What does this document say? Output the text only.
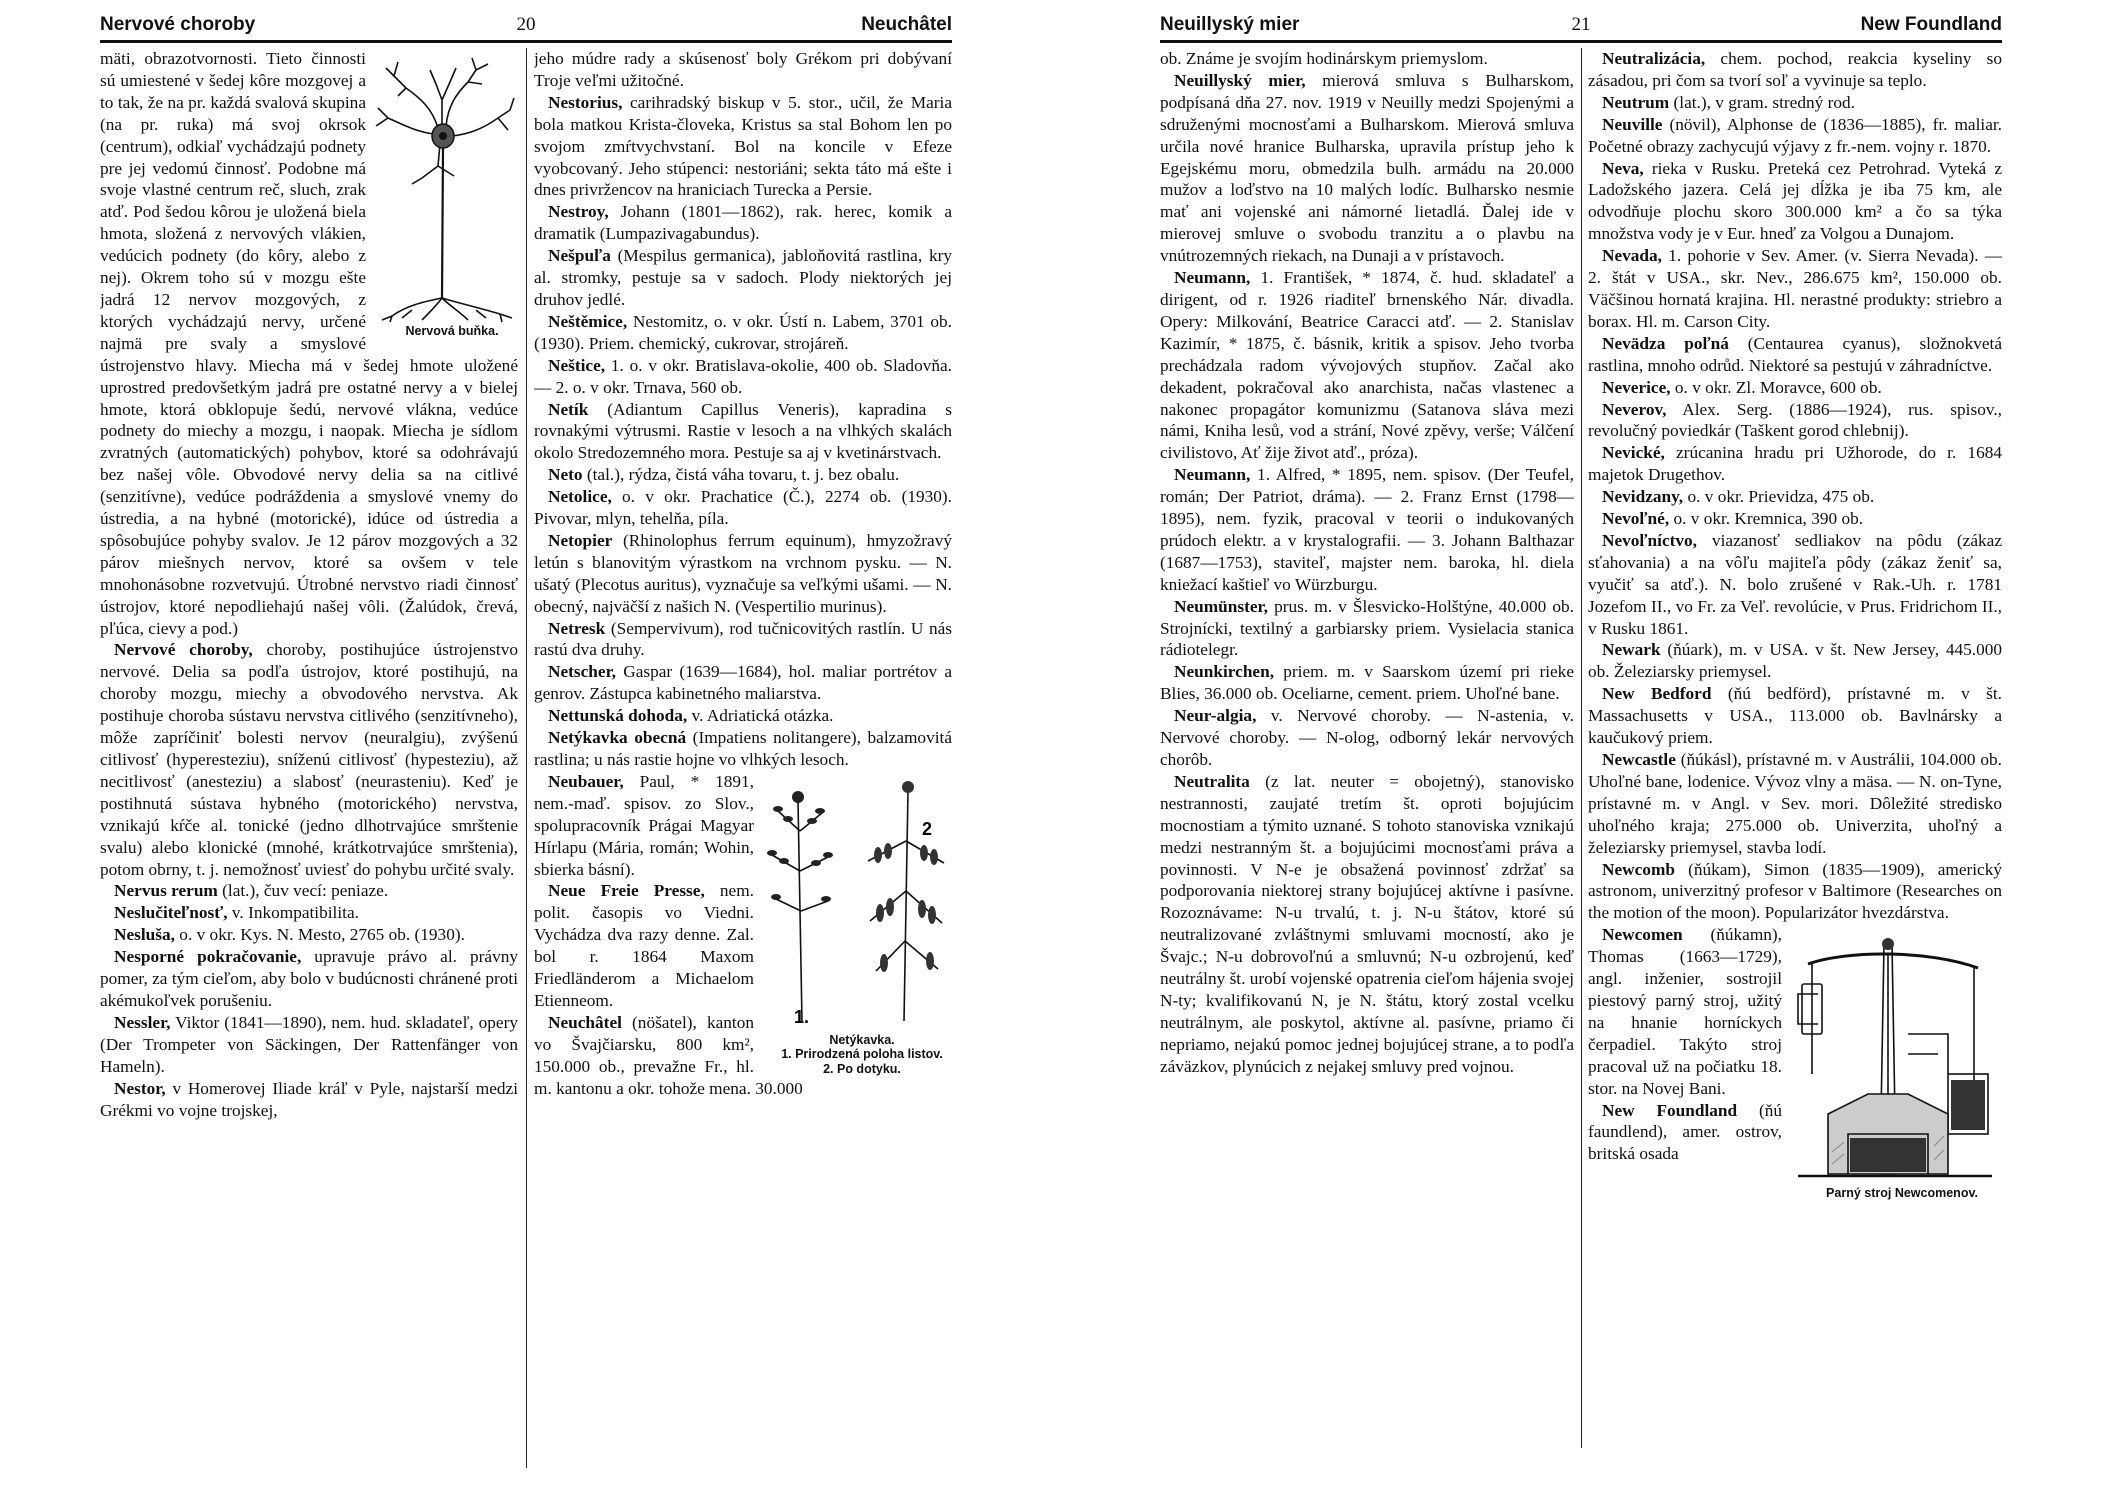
Nervové choroby	20	Neuchâtel

Nervová buňka.

mäti, obrazotvornosti. Tieto činnosti sú umiestené v šedej kôre mozgovej a to tak, že na pr. každá svalová skupina (na pr. ruka) má svoj okrsok (centrum), odkiaľ vychádzajú podnety pre jej vedomú činnosť. Podobne má svoje vlastné centrum reč, sluch, zrak atď. Pod šedou kôrou je uložená biela hmota, složená z nervových vlákien, vedúcich podnety (do kôry, alebo z nej). Okrem toho sú v mozgu ešte jadrá 12 nervov mozgových, z ktorých vychádzajú nervy, určené najmä pre svaly a smyslové ústrojenstvo hlavy. Miecha má v šedej hmote uložené uprostred predovšetkým jadrá pre ostatné nervy a v bielej hmote, ktorá obklopuje šedú, nervové vlákna, vedúce podnety do miechy a mozgu, i naopak. Miecha je sídlom zvratných (automatických) pohybov, ktoré sa odohrávajú bez našej vôle. Obvodové nervy delia sa na citlivé (senzitívne), vedúce podráždenia a smyslové vnemy do ústredia, a na hybné (motorické), idúce od ústredia a spôsobujúce pohyby svalov. Je 12 párov mozgových a 32 párov miešnych nervov, ktoré sa ovšem v tele mnohonásobne rozvetvujú. Útrobné nervstvo riadi činnosť ústrojov, ktoré nepodliehajú našej vôli. (Žalúdok, črevá, pľúca, cievy a pod.)

Nervové choroby, choroby, postihujúce ústrojenstvo nervové. Delia sa podľa ústrojov, ktoré postihujú, na choroby mozgu, miechy a obvodového nervstva. Ak postihuje choroba sústavu nervstva citlivého (senzitívneho), môže zapríčiniť bolesti nervov (neuralgiu), zvýšenú citlivosť (hyperesteziu), sníženú citlivosť (hypesteziu), až necitlivosť (anesteziu) a slabosť (neurasteniu). Keď je postihnutá sústava hybného (motorického) nervstva, vznikajú kŕče al. tonické (jedno dlhotrvajúce smrštenie svalu) alebo klonické (mnohé, krátkotrvajúce smrštenia), potom obrny, t. j. nemožnosť uviesť do pohybu určité svaly.

Nervus rerum (lat.), čuv vecí: peniaze.

Neslučiteľnosť, v. Inkompatibilita.

Nesluša, o. v okr. Kys. N. Mesto, 2765 ob. (1930).

Nesporné pokračovanie, upravuje právo al. právny pomer, za tým cieľom, aby bolo v budúcnosti chránené proti akémukoľvek porušeniu.

Nessler, Viktor (1841—1890), nem. hud. skladateľ, opery (Der Trompeter von Säckingen, Der Rattenfänger von Hameln).

Nestor, v Homerovej Iliade kráľ v Pyle, najstarší medzi Grékmi vo vojne trojskej,

jeho múdre rady a skúsenosť boly Grékom pri dobývaní Troje veľmi užitočné.

Nestorius, carihradský biskup v 5. stor., učil, že Maria bola matkou Krista-človeka, Kristus sa stal Bohom len po svojom zmŕtvychvstaní. Bol na koncile v Efeze vyobcovaný. Jeho stúpenci: nestoriáni; sekta táto má ešte i dnes privržencov na hraniciach Turecka a Persie.

Nestroy, Johann (1801—1862), rak. herec, komik a dramatik (Lumpazivagabundus).

Nešpuľa (Mespilus germanica), jabloňovitá rastlina, kry al. stromky, pestuje sa v sadoch. Plody niektorých jej druhov jedlé.

Neštěmice, Nestomitz, o. v okr. Ústí n. Labem, 3701 ob. (1930). Priem. chemický, cukrovar, strojáreň.

Neštice, 1. o. v okr. Bratislava-okolie, 400 ob. Sladovňa. — 2. o. v okr. Trnava, 560 ob.

Netík (Adiantum Capillus Veneris), kapradina s rovnakými výtrusmi. Rastie v lesoch a na vlhkých skalách okolo Stredozemného mora. Pestuje sa aj v kvetinárstvach.

Neto (tal.), rýdza, čistá váha tovaru, t. j. bez obalu.

Netolice, o. v okr. Prachatice (Č.), 2274 ob. (1930). Pivovar, mlyn, tehelňa, píla.

Netopier (Rhinolophus ferrum equinum), hmyzožravý letún s blanovitým výrastkom na vrchnom pysku. — N. ušatý (Plecotus auritus), vyznačuje sa veľkými ušami. — N. obecný, najväčší z našich N. (Vespertilio murinus).

Netresk (Sempervivum), rod tučnicovitých rastlín. U nás rastú dva druhy.

Netscher, Gaspar (1639—1684), hol. maliar portrétov a genrov. Zástupca kabinetného maliarstva.

Nettunská dohoda, v. Adriatická otázka.

Netýkavka obecná (Impatiens nolitangere), balzamovitá rastlina; u nás rastie hojne vo vlhkých lesoch.

1.
2

Netýkavka.

1. Prirodzená poloha listov.

2. Po dotyku.

Neubauer, Paul, * 1891, nem.-maď. spisov. zo Slov., spolupracovník Prágai Magyar Hírlapu (Mária, román; Wohin, sbierka básní).

Neue Freie Presse, nem. polit. časopis vo Viedni. Vychádza dva razy denne. Zal. bol r. 1864 Maxom Friedländerom a Michaelom Etienneom.

Neuchâtel (nöšatel), kanton vo Švajčiarsku, 800 km², 150.000 ob., prevažne Fr., hl. m. kantonu a okr. tohože mena. 30.000

Neuillyský mier	21	New Foundland

ob. Známe je svojím hodinárskym priemyslom.

Neuillyský mier, mierová smluva s Bulharskom, podpísaná dňa 27. nov. 1919 v Neuilly medzi Spojenými a sdruženými mocnosťami a Bulharskom. Mierová smluva určila nové hranice Bulharska, upravila prístup jeho k Egejskému moru, obmedzila bulh. armádu na 20.000 mužov a loďstvo na 10 malých lodíc. Bulharsko nesmie mať ani vojenské ani námorné lietadlá. Ďalej ide v mierovej smluve o svobodu tranzitu a o plavbu na vnútrozemných riekach, na Dunaji a v prístavoch.

Neumann, 1. František, * 1874, č. hud. skladateľ a dirigent, od r. 1926 riaditeľ brnenského Nár. divadla. Opery: Milkování, Beatrice Caracci atď. — 2. Stanislav Kazimír, * 1875, č. básnik, kritik a spisov. Jeho tvorba prechádzala radom vývojových stupňov. Začal ako dekadent, pokračoval ako anarchista, načas vlastenec a nakonec propagátor komunizmu (Satanova sláva mezi námi, Kniha lesů, vod a strání, Nové zpěvy, verše; Válčení civilistovo, Ať žije život atď., próza).

Neumann, 1. Alfred, * 1895, nem. spisov. (Der Teufel, román; Der Patriot, dráma). — 2. Franz Ernst (1798—1895), nem. fyzik, pracoval v teorii o indukovaných prúdoch elektr. a v krystalografii. — 3. Johann Balthazar (1687—1753), staviteľ, majster nem. baroka, hl. diela kniežací kaštieľ vo Würzburgu.

Neumünster, prus. m. v Šlesvicko-Holštýne, 40.000 ob. Strojnícki, textilný a garbiarsky priem. Vysielacia stanica rádiotelegr.

Neunkirchen, priem. m. v Saarskom území pri rieke Blies, 36.000 ob. Oceliarne, cement. priem. Uhoľné bane.

Neur-algia, v. Nervové choroby. — N-astenia, v. Nervové choroby. — N-olog, odborný lekár nervových chorôb.

Neutralita (z lat. neuter = obojetný), stanovisko nestrannosti, zaujaté tretím št. oproti bojujúcim mocnostiam a týmito uznané. S tohoto stanoviska vznikajú medzi nestranným št. a bojujúcimi mocnosťami práva a povinnosti. V N-e je obsažená povinnosť zdržať sa podporovania niektorej strany bojujúcej aktívne i pasívne. Rozoznávame: N-u trvalú, t. j. N-u štátov, ktoré sú neutralizované zvláštnymi smluvami mocností, ako je Švajc.; N-u dobrovoľnú a smluvnú; N-u ozbrojenú, keď neutrálny št. urobí vojenské opatrenia cieľom hájenia svojej N-ty; kvalifikovanú N, je N. štátu, ktorý zostal vcelku neutrálnym, ale poskytol, aktívne al. pasívne, priamo či nepriamo, nejakú pomoc jednej bojujúcej strane, a to podľa záväzkov, plynúcich z nejakej smluvy pred vojnou.

Neutralizácia, chem. pochod, reakcia kyseliny so zásadou, pri čom sa tvorí soľ a vyvinuje sa teplo.

Neutrum (lat.), v gram. stredný rod.

Neuville (növil), Alphonse de (1836—1885), fr. maliar. Početné obrazy zachycujú výjavy z fr.-nem. vojny r. 1870.

Neva, rieka v Rusku. Preteká cez Petrohrad. Vyteká z Ladožského jazera. Celá jej dĺžka je iba 75 km, ale odvodňuje plochu skoro 300.000 km² a čo sa týka množstva vody je v Eur. hneď za Volgou a Dunajom.

Nevada, 1. pohorie v Sev. Amer. (v. Sierra Nevada). — 2. štát v USA., skr. Nev., 286.675 km², 150.000 ob. Väčšinou hornatá krajina. Hl. nerastné produkty: striebro a borax. Hl. m. Carson City.

Nevädza poľná (Centaurea cyanus), složnokvetá rastlina, mnoho odrůd. Niektoré sa pestujú v záhradníctve.

Neverice, o. v okr. Zl. Moravce, 600 ob.

Neverov, Alex. Serg. (1886—1924), rus. spisov., revolučný poviedkár (Taškent gorod chlebnij).

Nevické, zrúcanina hradu pri Užhorode, do r. 1684 majetok Drugethov.

Nevidzany, o. v okr. Prievidza, 475 ob.

Nevoľné, o. v okr. Kremnica, 390 ob.

Nevoľníctvo, viazanosť sedliakov na pôdu (zákaz sťahovania) a na vôľu majiteľa pôdy (zákaz ženiť sa, vyučiť sa atď.). N. bolo zrušené v Rak.-Uh. r. 1781 Jozefom II., vo Fr. za Veľ. revolúcie, v Prus. Fridrichom II., v Rusku 1861.

Newark (ňúark), m. v USA. v št. New Jersey, 445.000 ob. Železiarsky priemysel.

New Bedford (ňú bedförd), prístavné m. v št. Massachusetts v USA., 113.000 ob. Bavlnársky a kaučukový priem.

Newcastle (ňúkásl), prístavné m. v Austrálii, 104.000 ob. Uhoľné bane, lodenice. Vývoz vlny a mäsa. — N. on-Tyne, prístavné m. v Angl. v Sev. mori. Dôležité stredisko uhoľného kraja; 275.000 ob. Univerzita, uhoľný a železiarsky priemysel, stavba lodí.

Newcomb (ňúkam), Simon (1835—1909), americký astronom, univerzitný profesor v Baltimore (Researches on the motion of the moon). Popularizátor hvezdárstva.

Parný stroj Newcomenov.

Newcomen (ňúkamn), Thomas (1663—1729), angl. inženier, sostrojil piestový parný stroj, užitý na hnanie horníckych čerpadiel. Takýto stroj pracoval už na počiatku 18. stor. na Novej Bani.

New Foundland (ňú faundlend), amer. ostrov, britská osada
